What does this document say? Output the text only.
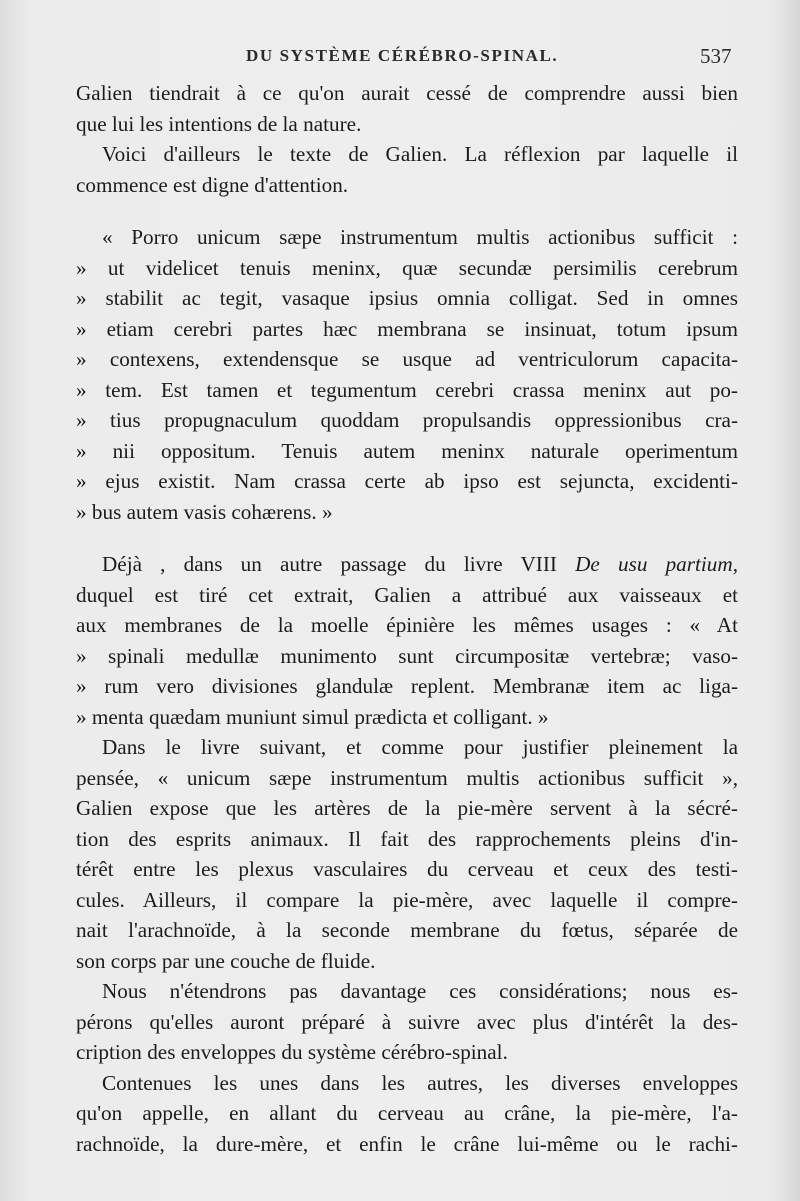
DU SYSTÈME CÉRÉBRO-SPINAL.	537
Galien tiendrait à ce qu'on aurait cessé de comprendre aussi bien
que lui les intentions de la nature.
Voici d'ailleurs le texte de Galien. La réflexion par laquelle il
commence est digne d'attention.
« Porro unicum sæpe instrumentum multis actionibus sufficit :
» ut videlicet tenuis meninx, quæ secundæ persimilis cerebrum
» stabilit ac tegit, vasaque ipsius omnia colligat. Sed in omnes
» etiam cerebri partes hæc membrana se insinuat, totum ipsum
» contexens, extendensque se usque ad ventriculorum capacita-
» tem. Est tamen et tegumentum cerebri crassa meninx aut po-
» tius propugnaculum quoddam propulsandis oppressionibus cra-
» nii oppositum. Tenuis autem meninx naturale operimentum
» ejus existit. Nam crassa certe ab ipso est sejuncta, excidenti-
» bus autem vasis cohærens. »
Déjà , dans un autre passage du livre VIII De usu partium,
duquel est tiré cet extrait, Galien a attribué aux vaisseaux et
aux membranes de la moelle épinière les mêmes usages : « At
» spinali medullæ munimento sunt circumpositæ vertebræ; vaso-
» rum vero divisiones glandulæ replent. Membranæ item ac liga-
» menta quædam muniunt simul prædicta et colligant. »
Dans le livre suivant, et comme pour justifier pleinement la
pensée, « unicum sæpe instrumentum multis actionibus sufficit »,
Galien expose que les artères de la pie-mère servent à la sécré-
tion des esprits animaux. Il fait des rapprochements pleins d'in-
térêt entre les plexus vasculaires du cerveau et ceux des testi-
cules. Ailleurs, il compare la pie-mère, avec laquelle il compre-
nait l'arachnoïde, à la seconde membrane du fœtus, séparée de
son corps par une couche de fluide.
Nous n'étendrons pas davantage ces considérations; nous es-
pérons qu'elles auront préparé à suivre avec plus d'intérêt la des-
cription des enveloppes du système cérébro-spinal.
Contenues les unes dans les autres, les diverses enveloppes
qu'on appelle, en allant du cerveau au crâne, la pie-mère, l'a-
rachnoïde, la dure-mère, et enfin le crâne lui-même ou le rachi-
